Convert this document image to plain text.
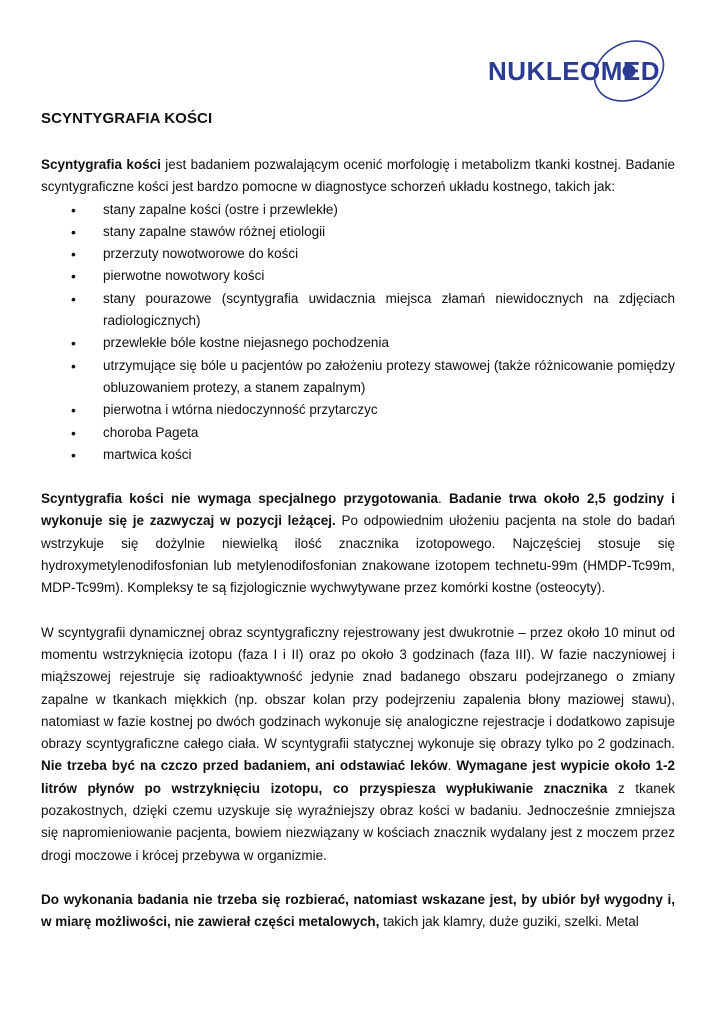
NUKLEOMED
SCYNTYGRAFIA KOŚCI

Scyntygrafia kości jest badaniem pozwalającym ocenić morfologię i metabolizm tkanki kostnej. Badanie scyntygraficzne kości jest bardzo pomocne w diagnostyce schorzeń układu kostnego, takich jak:

• stany zapalne kości (ostre i przewlekłe)
• stany zapalne stawów różnej etiologii
• przerzuty nowotworowe do kości
• pierwotne nowotwory kości
• stany pourazowe (scyntygrafia uwidacznia miejsca złamań niewidocznych na zdjęciach radiologicznych)
• przewlekłe bóle kostne niejasnego pochodzenia
• utrzymujące się bóle u pacjentów po założeniu protezy stawowej (także różnicowanie pomiędzy obluzowaniem protezy, a stanem zapalnym)
• pierwotna i wtórna niedoczynność przytarczyc
• choroba Pageta
• martwica kości

Scyntygrafia kości nie wymaga specjalnego przygotowania. Badanie trwa około 2,5 godziny i wykonuje się je zazwyczaj w pozycji leżącej. Po odpowiednim ułożeniu pacjenta na stole do badań wstrzykuje się dożylnie niewielką ilość znacznika izotopowego. Najczęściej stosuje się hydroxymetylenodifosfonian lub metylenodifosfonian znakowane izotopem technetu-99m (HMDP-Tc99m, MDP-Tc99m). Kompleksy te są fizjologicznie wychwytywane przez komórki kostne (osteocyty).

W scyntygrafii dynamicznej obraz scyntygraficzny rejestrowany jest dwukrotnie – przez około 10 minut od momentu wstrzyknięcia izotopu (faza I i II) oraz po około 3 godzinach (faza III). W fazie naczyniowej i miąższowej rejestruje się radioaktywność jedynie znad badanego obszaru podejrzanego o zmiany zapalne w tkankach miękkich (np. obszar kolan przy podejrzeniu zapalenia błony maziowej stawu), natomiast w fazie kostnej po dwóch godzinach wykonuje się analogiczne rejestracje i dodatkowo zapisuje obrazy scyntygraficzne całego ciała. W scyntygrafii statycznej wykonuje się obrazy tylko po 2 godzinach. Nie trzeba być na czczo przed badaniem, ani odstawiać leków. Wymagane jest wypicie około 1-2 litrów płynów po wstrzyknięciu izotopu, co przyspiesza wypłukiwanie znacznika z tkanek pozakostnych, dzięki czemu uzyskuje się wyraźniejszy obraz kości w badaniu. Jednocześnie zmniejsza się napromieniowanie pacjenta, bowiem niezwiązany w kościach znacznik wydalany jest z moczem przez drogi moczowe i krócej przebywa w organizmie.

Do wykonania badania nie trzeba się rozbierać, natomiast wskazane jest, by ubiór był wygodny i, w miarę możliwości, nie zawierał części metalowych, takich jak klamry, duże guziki, szelki. Metal
